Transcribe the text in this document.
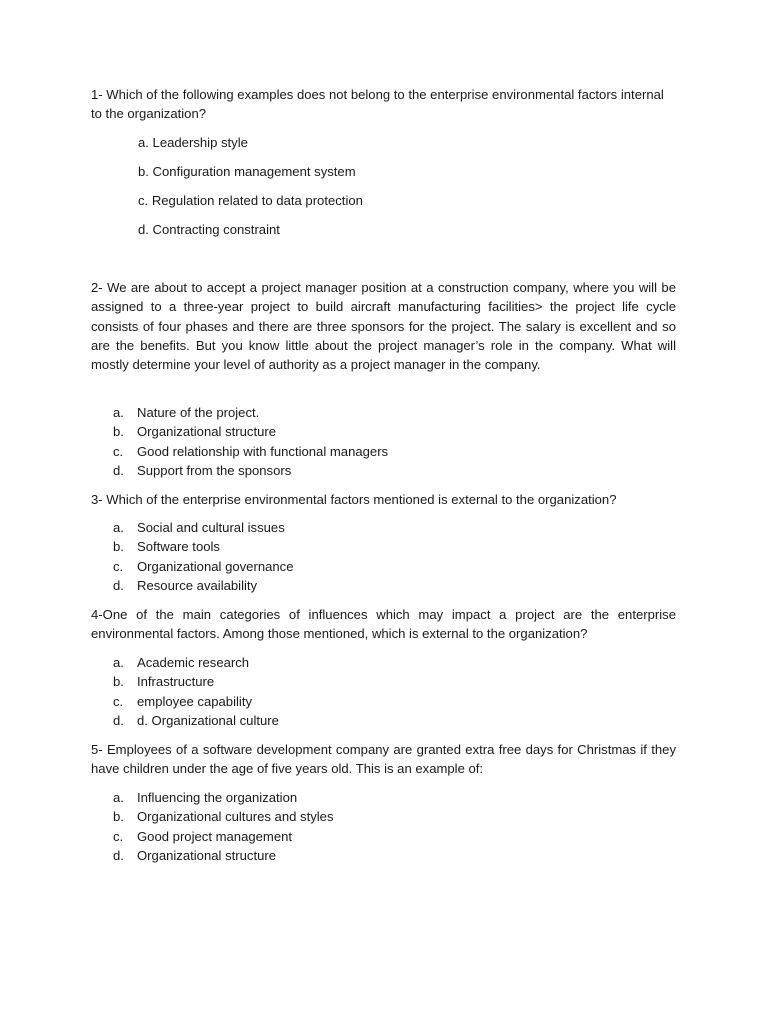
1- Which of the following examples does not belong to the enterprise environmental factors internal to the organization?

a. Leadership style
b. Configuration management system
c. Regulation related to data protection
d. Contracting constraint

2- We are about to accept a project manager position at a construction company, where you will be assigned to a three-year project to build aircraft manufacturing facilities> the project life cycle consists of four phases and there are three sponsors for the project. The salary is excellent and so are the benefits. But you know little about the project manager’s role in the company. What will mostly determine your level of authority as a project manager in the company.

a. Nature of the project.
b. Organizational structure
c. Good relationship with functional managers
d. Support from the sponsors

3- Which of the enterprise environmental factors mentioned is external to the organization?

a. Social and cultural issues
b. Software tools
c. Organizational governance
d. Resource availability

4-One of the main categories of influences which may impact a project are the enterprise environmental factors. Among those mentioned, which is external to the organization?

a. Academic research
b. Infrastructure
c. employee capability
d. d. Organizational culture

5- Employees of a software development company are granted extra free days for Christmas if they have children under the age of five years old. This is an example of:

a. Influencing the organization
b. Organizational cultures and styles
c. Good project management
d. Organizational structure
